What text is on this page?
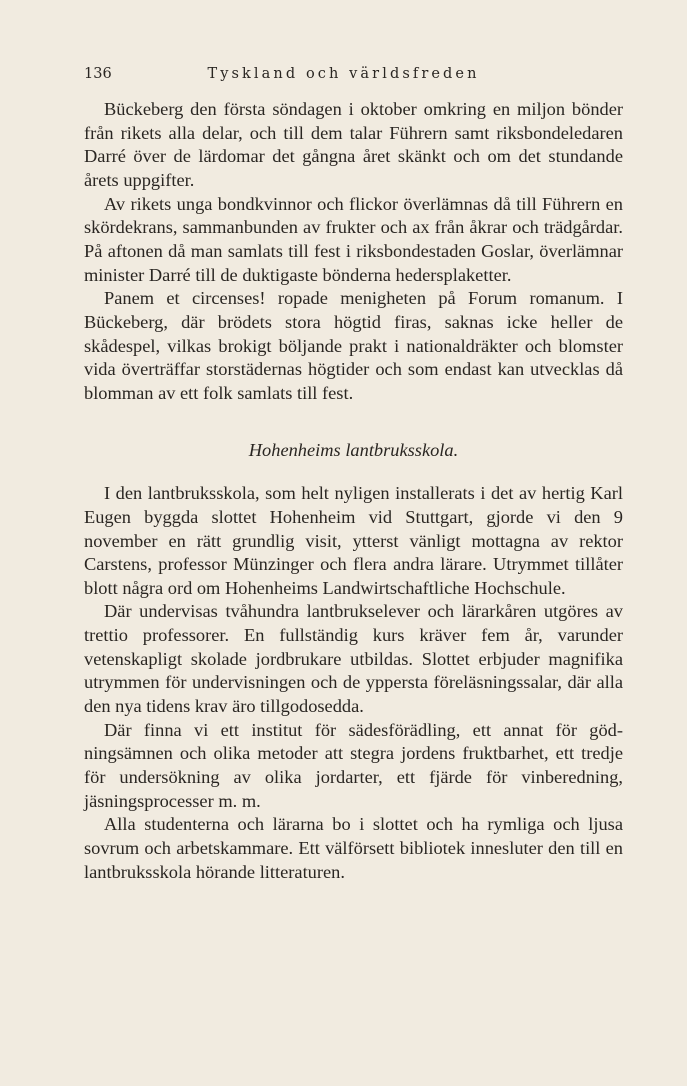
136	Tyskland och världsfreden

Bückeberg den första söndagen i oktober omkring en miljon bönder från rikets alla delar, och till dem talar Führern samt riksbondeledaren Darré över de lärdomar det gångna året skänkt och om det stundande årets uppgifter.

Av rikets unga bondkvinnor och flickor överlämnas då till Führern en skördekrans, sammanbunden av frukter och ax från åkrar och trädgårdar. På aftonen då man samlats till fest i riksbondestaden Goslar, överlämnar minister Darré till de duktigaste bönderna hedersplaketter.

Panem et circenses! ropade menigheten på Forum romanum. I Bückeberg, där brödets stora högtid firas, saknas icke heller de skådespel, vilkas brokigt böljande prakt i nationaldräkter och blomster vida överträffar storstädernas högtider och som endast kan utvecklas då blomman av ett folk samlats till fest.

Hohenheims lantbruksskola.

I den lantbruksskola, som helt nyligen installerats i det av hertig Karl Eugen byggda slottet Hohenheim vid Stuttgart, gjorde vi den 9 november en rätt grundlig visit, ytterst vänligt mottagna av rektor Carstens, professor Münzinger och flera andra lärare. Utrymmet tillåter blott några ord om Hohenheims Landwirtschaftliche Hochschule.

Där undervisas tvåhundra lantbrukselever och lärarkåren utgöres av trettio professorer. En fullständig kurs kräver fem år, varunder vetenskapligt skolade jordbrukare utbildas. Slottet erbjuder magnifika utrymmen för undervisningen och de yppersta föreläsningssalar, där alla den nya tidens krav äro tillgodosedda.

Där finna vi ett institut för sädesförädling, ett annat för gödningsämnen och olika metoder att stegra jordens fruktbarhet, ett tredje för undersökning av olika jordarter, ett fjärde för vinberedning, jäsningsprocesser m. m.

Alla studenterna och lärarna bo i slottet och ha rymliga och ljusa sovrum och arbetskammare. Ett välförsett bibliotek innesluter den till en lantbruksskola hörande litteraturen.
